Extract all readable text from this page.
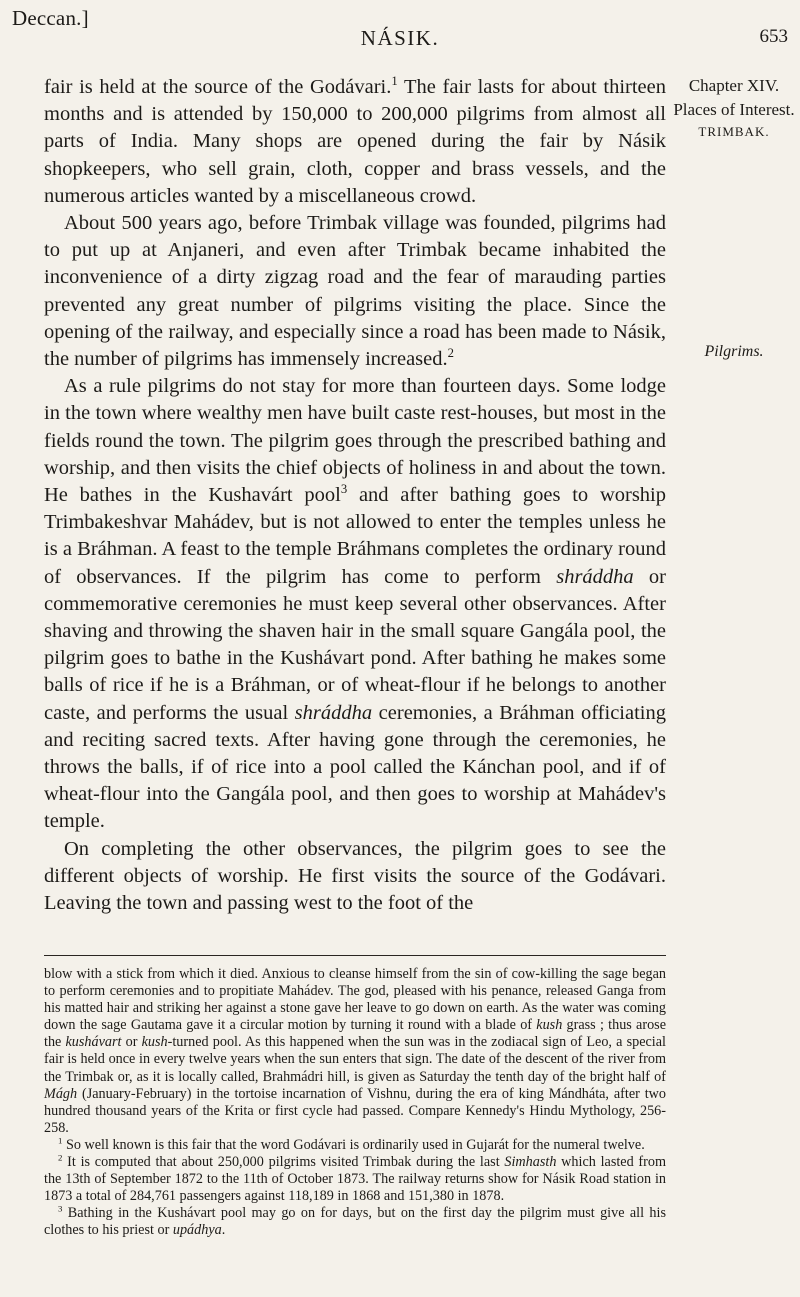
Deccan.]
NÁSIK.	653
Chapter XIV.
Places of Interest.
TRIMBAK.
Pilgrims.

fair is held at the source of the Godávari.$^1$ The fair lasts for about thirteen months and is attended by 150,000 to 200,000 pilgrims from almost all parts of India. Many shops are opened during the fair by Násik shopkeepers, who sell grain, cloth, copper and brass vessels, and the numerous articles wanted by a miscellaneous crowd.

About 500 years ago, before Trimbak village was founded, pilgrims had to put up at Anjaneri, and even after Trimbak became inhabited the inconvenience of a dirty zigzag road and the fear of marauding parties prevented any great number of pilgrims visiting the place. Since the opening of the railway, and especially since a road has been made to Násik, the number of pilgrims has immensely increased.$^2$

As a rule pilgrims do not stay for more than fourteen days. Some lodge in the town where wealthy men have built caste rest-houses, but most in the fields round the town. The pilgrim goes through the prescribed bathing and worship, and then visits the chief objects of holiness in and about the town. He bathes in the Kushavárt pool$^3$ and after bathing goes to worship Trimbakeshvar Mahádev, but is not allowed to enter the temples unless he is a Bráhman. A feast to the temple Bráhmans completes the ordinary round of observances. If the pilgrim has come to perform shráddha or commemorative ceremonies he must keep several other observances. After shaving and throwing the shaven hair in the small square Gangála pool, the pilgrim goes to bathe in the Kushávart pond. After bathing he makes some balls of rice if he is a Bráhman, or of wheat-flour if he belongs to another caste, and performs the usual shráddha ceremonies, a Bráhman officiating and reciting sacred texts. After having gone through the ceremonies, he throws the balls, if of rice into a pool called the Kánchan pool, and if of wheat-flour into the Gangála pool, and then goes to worship at Mahádev's temple.

On completing the other observances, the pilgrim goes to see the different objects of worship. He first visits the source of the Godávari. Leaving the town and passing west to the foot of the

blow with a stick from which it died. Anxious to cleanse himself from the sin of cow-killing the sage began to perform ceremonies and to propitiate Mahádev. The god, pleased with his penance, released Ganga from his matted hair and striking her against a stone gave her leave to go down on earth. As the water was coming down the sage Gautama gave it a circular motion by turning it round with a blade of kush grass ; thus arose the kushávart or kush-turned pool. As this happened when the sun was in the zodiacal sign of Leo, a special fair is held once in every twelve years when the sun enters that sign. The date of the descent of the river from the Trimbak or, as it is locally called, Brahmádri hill, is given as Saturday the tenth day of the bright half of Mágh (January-February) in the tortoise incarnation of Vishnu, during the era of king Mándháta, after two hundred thousand years of the Krita or first cycle had passed. Compare Kennedy's Hindu Mythology, 256-258.

$^1$ So well known is this fair that the word Godávari is ordinarily used in Gujarát for the numeral twelve.

$^2$ It is computed that about 250,000 pilgrims visited Trimbak during the last Simhasth which lasted from the 13th of September 1872 to the 11th of October 1873. The railway returns show for Násik Road station in 1873 a total of 284,761 passengers against 118,189 in 1868 and 151,380 in 1878.

$^3$ Bathing in the Kushávart pool may go on for days, but on the first day the pilgrim must give all his clothes to his priest or upádhya.
